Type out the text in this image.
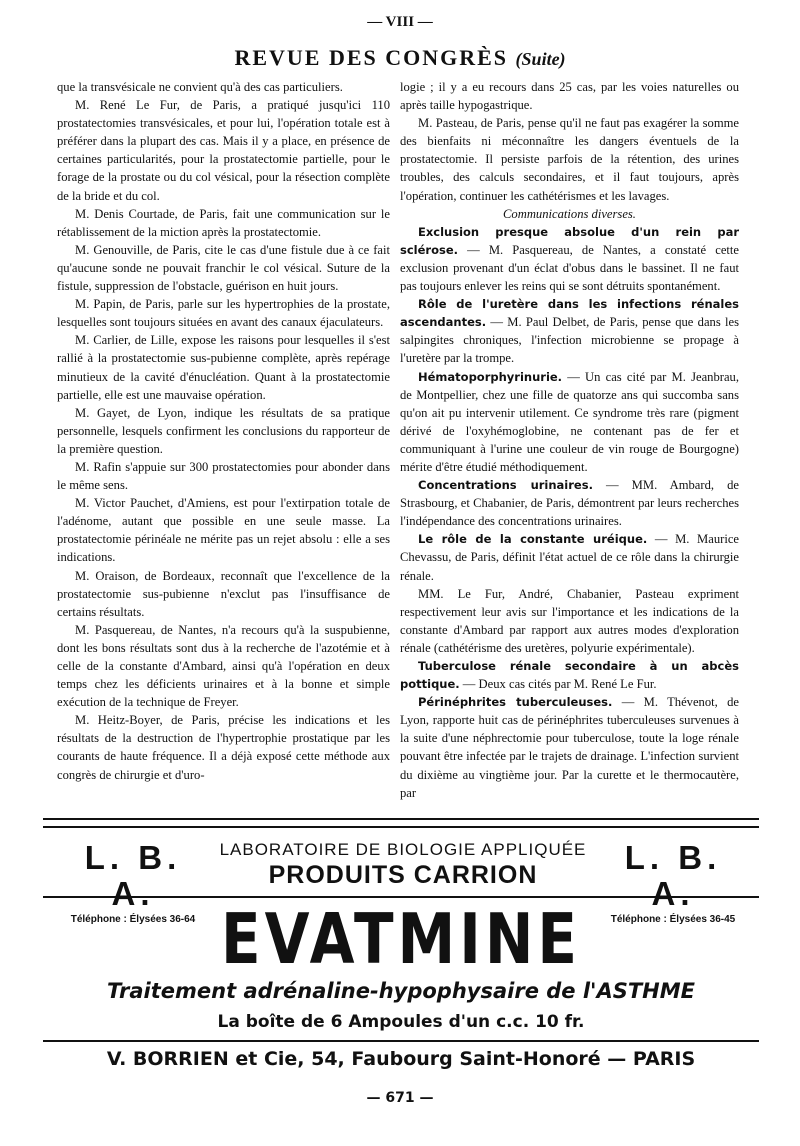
— VIII —
REVUE DES CONGRÈS (Suite)

que la transvésicale ne convient qu'à des cas particuliers.

M. René Le Fur, de Paris, a pratiqué jusqu'ici 110 prostatectomies transvésicales, et pour lui, l'opération totale est à préférer dans la plupart des cas. Mais il y a place, en présence de certaines particularités, pour la prostatectomie partielle, pour le forage de la prostate ou du col vésical, pour la résection complète de la bride et du col.

M. Denis Courtade, de Paris, fait une communication sur le rétablissement de la miction après la prostatectomie.

M. Genouville, de Paris, cite le cas d'une fistule due à ce fait qu'aucune sonde ne pouvait franchir le col vésical. Suture de la fistule, suppression de l'obstacle, guérison en huit jours.

M. Papin, de Paris, parle sur les hypertrophies de la prostate, lesquelles sont toujours situées en avant des canaux éjaculateurs.

M. Carlier, de Lille, expose les raisons pour lesquelles il s'est rallié à la prostatectomie sus-pubienne complète, après repérage minutieux de la cavité d'énucléation. Quant à la prostatectomie partielle, elle est une mauvaise opération.

M. Gayet, de Lyon, indique les résultats de sa pratique personnelle, lesquels confirment les conclusions du rapporteur de la première question.

M. Rafin s'appuie sur 300 prostatectomies pour abonder dans le même sens.

M. Victor Pauchet, d'Amiens, est pour l'extirpation totale de l'adénome, autant que possible en une seule masse. La prostatectomie périnéale ne mérite pas un rejet absolu : elle a ses indications.

M. Oraison, de Bordeaux, reconnaît que l'excellence de la prostatectomie sus-pubienne n'exclut pas l'insuffisance de certains résultats.

M. Pasquereau, de Nantes, n'a recours qu'à la suspubienne, dont les bons résultats sont dus à la recherche de l'azotémie et à celle de la constante d'Ambard, ainsi qu'à l'opération en deux temps chez les déficients urinaires et à la bonne et simple exécution de la technique de Freyer.

M. Heitz-Boyer, de Paris, précise les indications et les résultats de la destruction de l'hypertrophie prostatique par les courants de haute fréquence. Il a déjà exposé cette méthode aux congrès de chirurgie et d'uro-

logie ; il y a eu recours dans 25 cas, par les voies naturelles ou après taille hypogastrique.

M. Pasteau, de Paris, pense qu'il ne faut pas exagérer la somme des bienfaits ni méconnaître les dangers éventuels de la prostatectomie. Il persiste parfois de la rétention, des urines troubles, des calculs secondaires, et il faut toujours, après l'opération, continuer les cathétérismes et les lavages.

Communications diverses.

Exclusion presque absolue d'un rein par sclérose. — M. Pasquereau, de Nantes, a constaté cette exclusion provenant d'un éclat d'obus dans le bassinet. Il ne faut pas toujours enlever les reins qui se sont détruits spontanément.

Rôle de l'uretère dans les infections rénales ascendantes. — M. Paul Delbet, de Paris, pense que dans les salpingites chroniques, l'infection microbienne se propage à l'uretère par la trompe.

Hématoporphyrinurie. — Un cas cité par M. Jeanbrau, de Montpellier, chez une fille de quatorze ans qui succomba sans qu'on ait pu intervenir utilement. Ce syndrome très rare (pigment dérivé de l'oxyhémoglobine, ne contenant pas de fer et communiquant à l'urine une couleur de vin rouge de Bourgogne) mérite d'être étudié méthodiquement.

Concentrations urinaires. — MM. Ambard, de Strasbourg, et Chabanier, de Paris, démontrent par leurs recherches l'indépendance des concentrations urinaires.

Le rôle de la constante uréique. — M. Maurice Chevassu, de Paris, définit l'état actuel de ce rôle dans la chirurgie rénale.

MM. Le Fur, André, Chabanier, Pasteau expriment respectivement leur avis sur l'importance et les indications de la constante d'Ambard par rapport aux autres modes d'exploration rénale (cathétérisme des uretères, polyurie expérimentale).

Tuberculose rénale secondaire à un abcès pottique. — Deux cas cités par M. René Le Fur.

Périnéphrites tuberculeuses. — M. Thévenot, de Lyon, rapporte huit cas de périnéphrites tuberculeuses survenues à la suite d'une néphrectomie pour tuberculose, toute la loge rénale pouvant être infectée par le trajets de drainage. L'infection survient du dixième au vingtième jour. Par la curette et le thermocautère, par

L. B. A.
Téléphone : Élysées 36-64
LABORATOIRE DE BIOLOGIE APPLIQUÉE
PRODUITS CARRION	L. B. A.
Téléphone : Élysées 36-45
EVATMINE
Traitement adrénaline-hypophysaire de l'ASTHME
La boîte de 6 Ampoules d'un c.c. 10 fr.
V. BORRIEN et Cie, 54, Faubourg Saint-Honoré — PARIS
— 671 —
